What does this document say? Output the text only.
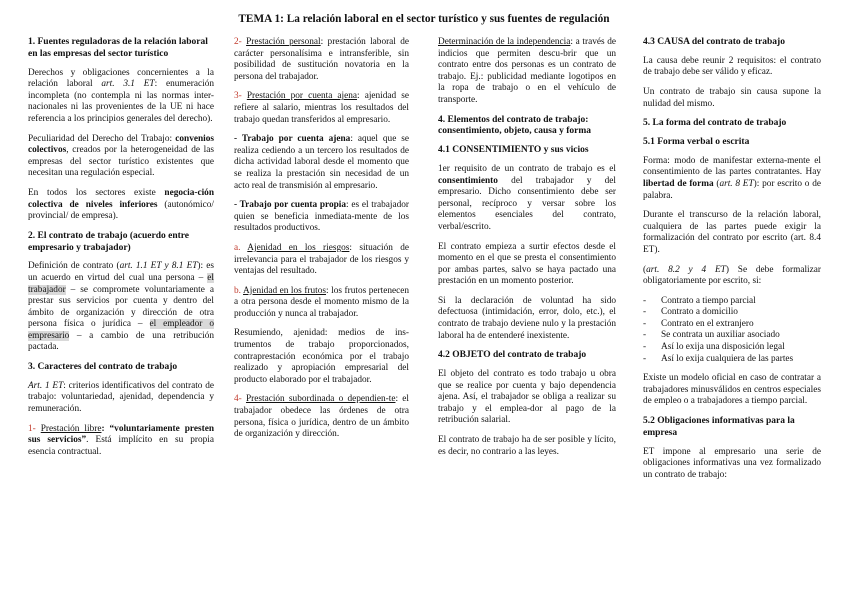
TEMA 1: La relación laboral en el sector turístico y sus fuentes de regulación
1. Fuentes reguladoras de la relación laboral en las empresas del sector turístico

Derechos y obligaciones concernientes a la relación laboral art. 3.1 ET: enumeración incompleta (no contempla ni las normas inter-nacionales ni las provenientes de la UE ni hace referencia a los principios generales del derecho).

Peculiaridad del Derecho del Trabajo: convenios colectivos, creados por la heterogeneidad de las empresas del sector turístico existentes que necesitan una regulación especial.

En todos los sectores existe negocia-ción colectiva de niveles inferiores (autonómico/ provincial/ de empresa).

2. El contrato de trabajo (acuerdo entre empresario y trabajador)

Definición de contrato (art. 1.1 ET y 8.1 ET): es un acuerdo en virtud del cual una persona – el trabajador – se compromete voluntariamente a prestar sus servicios por cuenta y dentro del ámbito de organización y dirección de otra persona física o jurídica – el empleador o empresario – a cambio de una retribución pactada.

3. Caracteres del contrato de trabajo

Art. 1 ET: criterios identificativos del contrato de trabajo: voluntariedad, ajenidad, dependencia y remuneración.

1- Prestación libre: “voluntariamente presten sus servicios”. Está implícito en su propia esencia contractual.

2- Prestación personal: prestación laboral de carácter personalísima e intransferible, sin posibilidad de sustitución novatoria en la persona del trabajador.

3- Prestación por cuenta ajena: ajenidad se refiere al salario, mientras los resultados del trabajo quedan transferidos al empresario.

- Trabajo por cuenta ajena: aquel que se realiza cediendo a un tercero los resultados de dicha actividad laboral desde el momento que se realiza la prestación sin necesidad de un acto real de transmisión al empresario.

- Trabajo por cuenta propia: es el trabajador quien se beneficia inmediata-mente de los resultados productivos.

a. Ajenidad en los riesgos: situación de irrelevancia para el trabajador de los riesgos y ventajas del resultado.

b. Ajenidad en los frutos: los frutos pertenecen a otra persona desde el momento mismo de la producción y nunca al trabajador.

Resumiendo, ajenidad: medios de ins-trumentos de trabajo proporcionados, contraprestación económica por el trabajo realizado y apropiación empresarial del producto elaborado por el trabajador.

4- Prestación subordinada o dependien-te: el trabajador obedece las órdenes de otra persona, física o jurídica, dentro de un ámbito de organización y dirección.

Determinación de la independencia: a través de indicios que permiten descu-brir que un contrato entre dos personas es un contrato de trabajo. Ej.: publicidad mediante logotipos en la ropa de trabajo o en el vehículo de transporte.

4. Elementos del contrato de trabajo: consentimiento, objeto, causa y forma
4.1 CONSENTIMIENTO y sus vicios

1er requisito de un contrato de trabajo es el consentimiento del trabajador y del empresario. Dicho consentimiento debe ser personal, recíproco y versar sobre los elementos esenciales del contrato, verbal/escrito.

El contrato empieza a surtir efectos desde el momento en el que se presta el consentimiento por ambas partes, salvo se haya pactado una prestación en un momento posterior.

Si la declaración de voluntad ha sido defectuosa (intimidación, error, dolo, etc.), el contrato de trabajo deviene nulo y la prestación laboral ha de entenderé inexistente.

4.2 OBJETO del contrato de trabajo

El objeto del contrato es todo trabajo u obra que se realice por cuenta y bajo dependencia ajena. Así, el trabajador se obliga a realizar su trabajo y el emplea-dor al pago de la retribución salarial.

El contrato de trabajo ha de ser posible y lícito, es decir, no contrario a las leyes.

4.3 CAUSA del contrato de trabajo

La causa debe reunir 2 requisitos: el contrato de trabajo debe ser válido y eficaz.

Un contrato de trabajo sin causa supone la nulidad del mismo.

5. La forma del contrato de trabajo
5.1 Forma verbal o escrita

Forma: modo de manifestar externa-mente el consentimiento de las partes contratantes. Hay libertad de forma (art. 8 ET): por escrito o de palabra.

Durante el transcurso de la relación laboral, cualquiera de las partes puede exigir la formalización del contrato por escrito (art. 8.4 ET).

(art. 8.2 y 4 ET) Se debe formalizar obligatoriamente por escrito, si:

- Contrato a tiempo parcial
- Contrato a domicilio
- Contrato en el extranjero
- Se contrata un auxiliar asociado
- Así lo exija una disposición legal
- Así lo exija cualquiera de las partes

Existe un modelo oficial en caso de contratar a trabajadores minusválidos en centros especiales de empleo o a trabajadores a tiempo parcial.

5.2 Obligaciones informativas para la empresa

ET impone al empresario una serie de obligaciones informativas una vez formalizado un contrato de trabajo:
